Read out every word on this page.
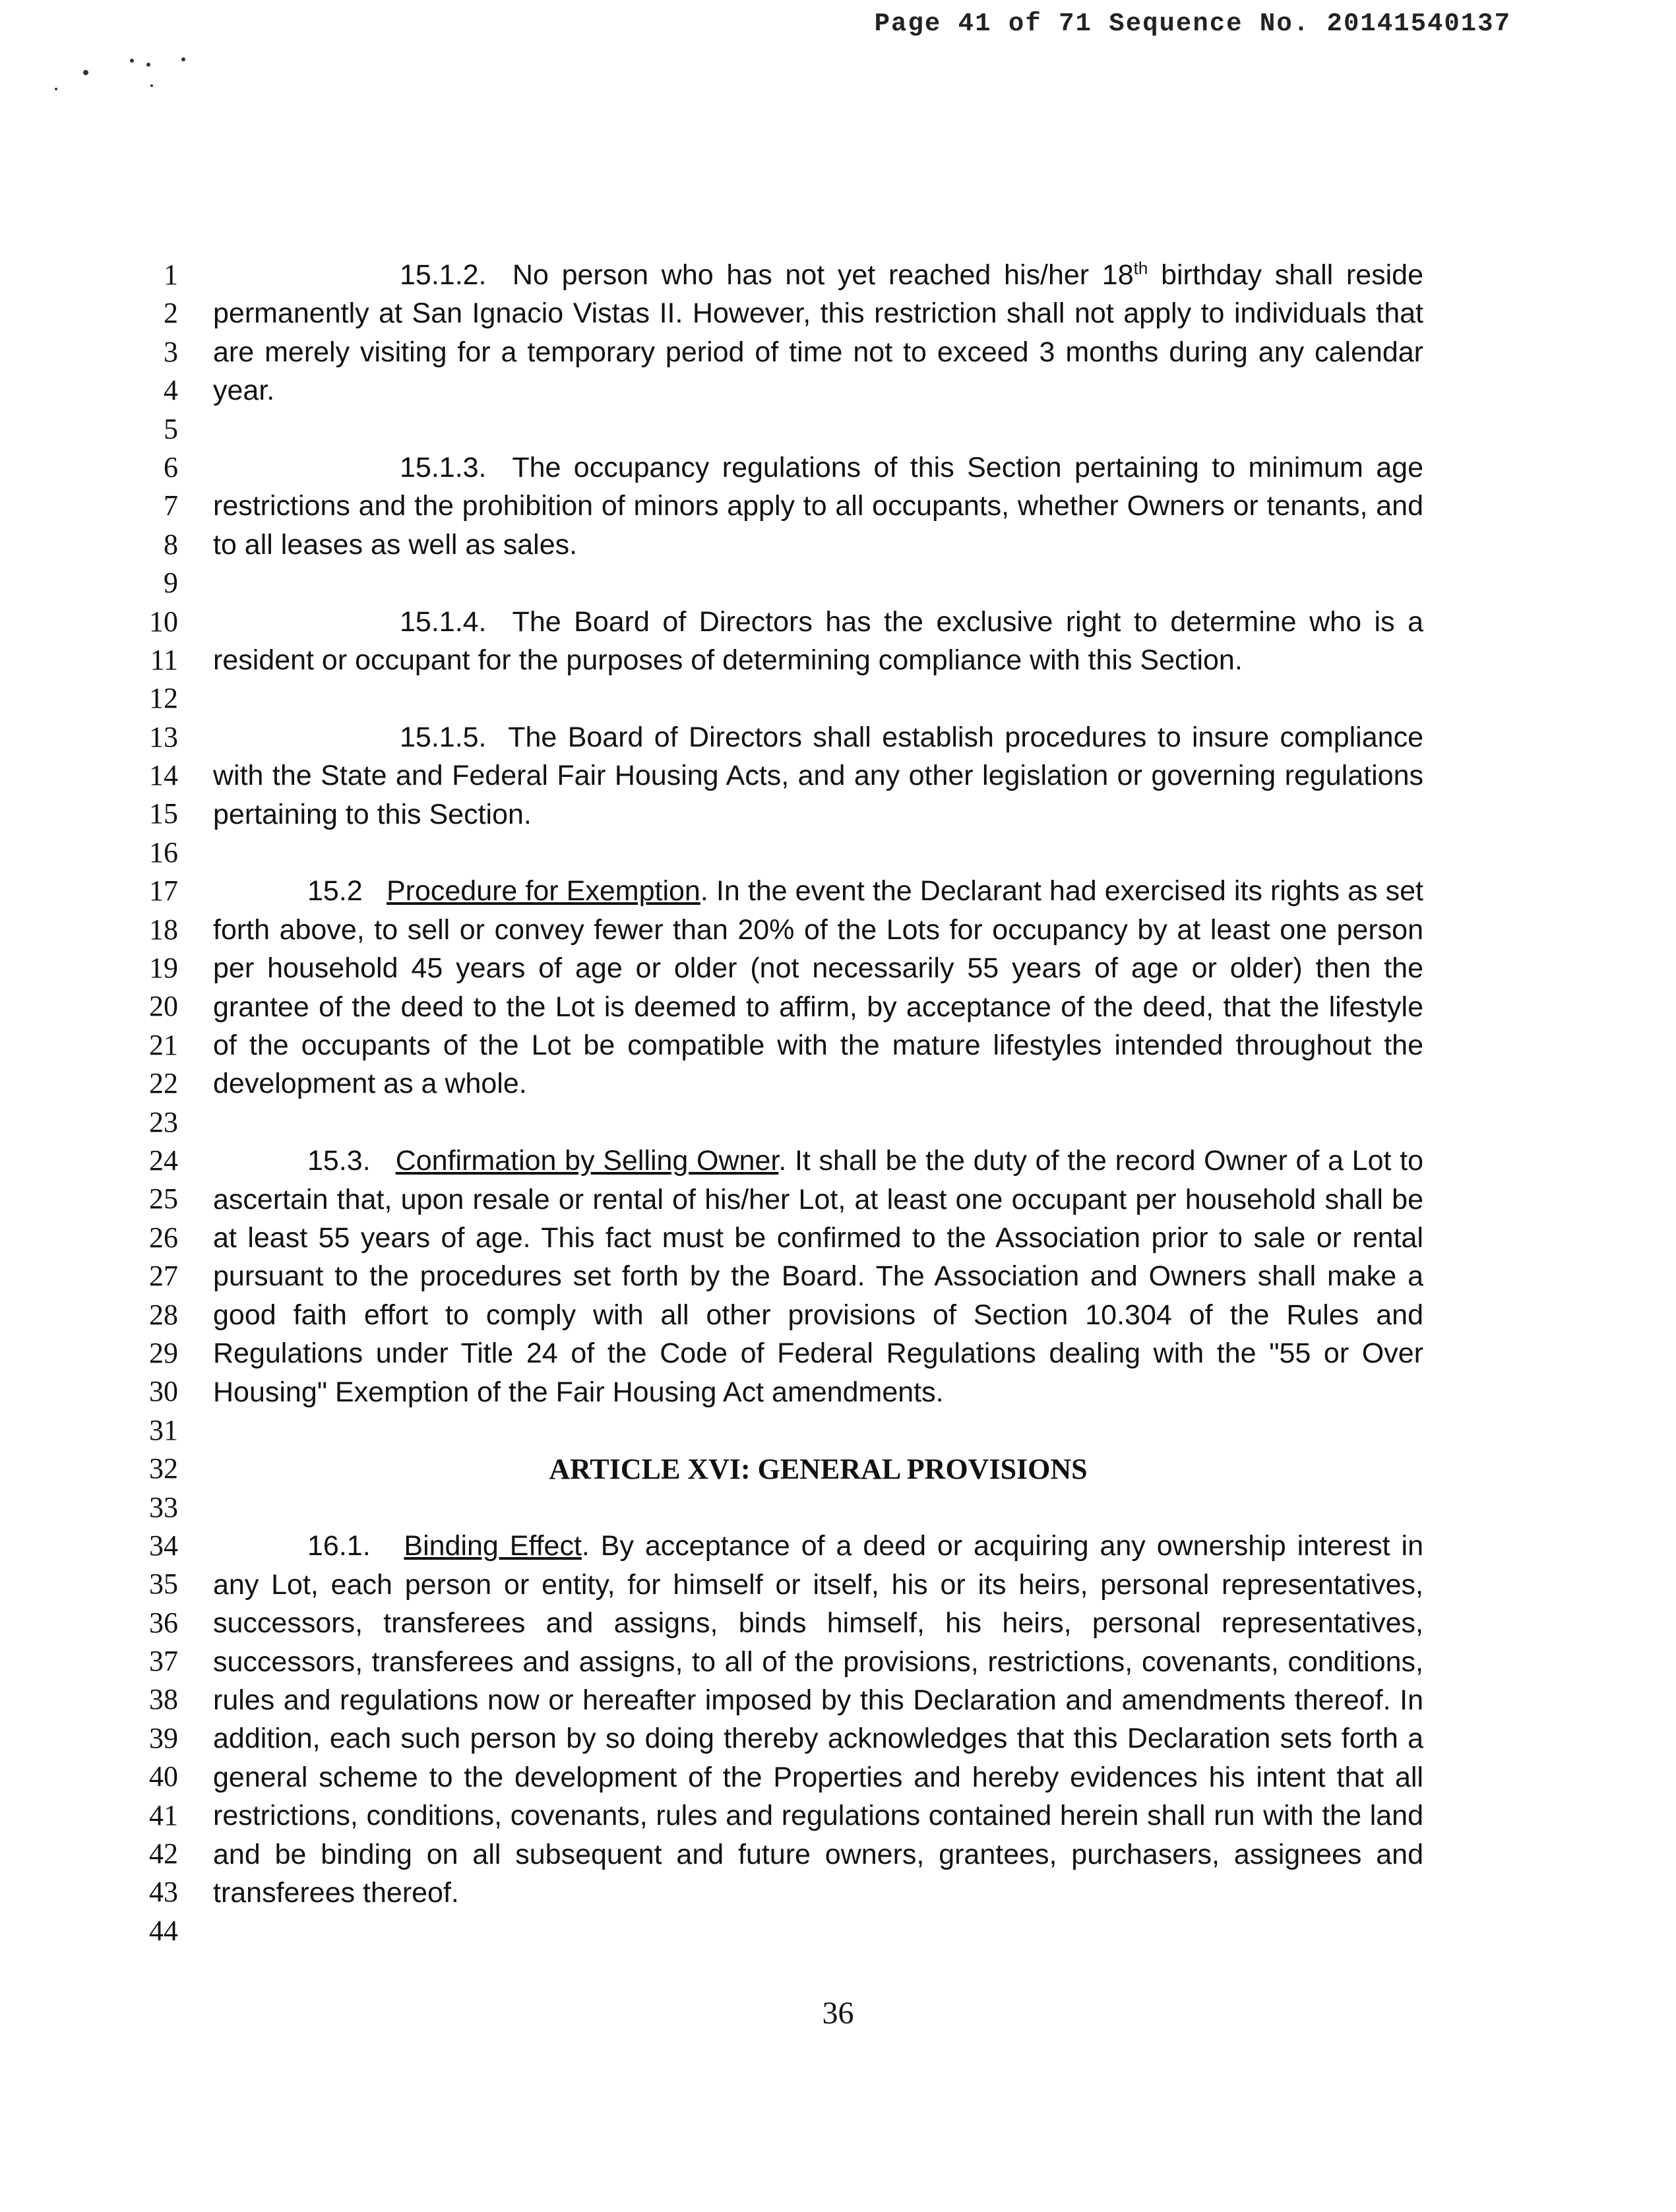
Page 41 of 71 Sequence No. 20141540137
1
2
3
4
5
6
7
8
9
10
11
12
13
14
15
16
17
18
19
20
21
22
23
24
25
26
27
28
29
30
31
32
33
34
35
36
37
38
39
40
41
42
43
44

15.1.2. No person who has not yet reached his/her 18th birthday shall reside permanently at San Ignacio Vistas II. However, this restriction shall not apply to individuals that are merely visiting for a temporary period of time not to exceed 3 months during any calendar year.

15.1.3. The occupancy regulations of this Section pertaining to minimum age restrictions and the prohibition of minors apply to all occupants, whether Owners or tenants, and to all leases as well as sales.

15.1.4. The Board of Directors has the exclusive right to determine who is a resident or occupant for the purposes of determining compliance with this Section.

15.1.5. The Board of Directors shall establish procedures to insure compliance with the State and Federal Fair Housing Acts, and any other legislation or governing regulations pertaining to this Section.

15.2 Procedure for Exemption. In the event the Declarant had exercised its rights as set forth above, to sell or convey fewer than 20% of the Lots for occupancy by at least one person per household 45 years of age or older (not necessarily 55 years of age or older) then the grantee of the deed to the Lot is deemed to affirm, by acceptance of the deed, that the lifestyle of the occupants of the Lot be compatible with the mature lifestyles intended throughout the development as a whole.

15.3. Confirmation by Selling Owner. It shall be the duty of the record Owner of a Lot to ascertain that, upon resale or rental of his/her Lot, at least one occupant per household shall be at least 55 years of age. This fact must be confirmed to the Association prior to sale or rental pursuant to the procedures set forth by the Board. The Association and Owners shall make a good faith effort to comply with all other provisions of Section 10.304 of the Rules and Regulations under Title 24 of the Code of Federal Regulations dealing with the "55 or Over Housing" Exemption of the Fair Housing Act amendments.

ARTICLE XVI: GENERAL PROVISIONS

16.1. Binding Effect. By acceptance of a deed or acquiring any ownership interest in any Lot, each person or entity, for himself or itself, his or its heirs, personal representatives, successors, transferees and assigns, binds himself, his heirs, personal representatives, successors, transferees and assigns, to all of the provisions, restrictions, covenants, conditions, rules and regulations now or hereafter imposed by this Declaration and amendments thereof. In addition, each such person by so doing thereby acknowledges that this Declaration sets forth a general scheme to the development of the Properties and hereby evidences his intent that all restrictions, conditions, covenants, rules and regulations contained herein shall run with the land and be binding on all subsequent and future owners, grantees, purchasers, assignees and transferees thereof.

36
